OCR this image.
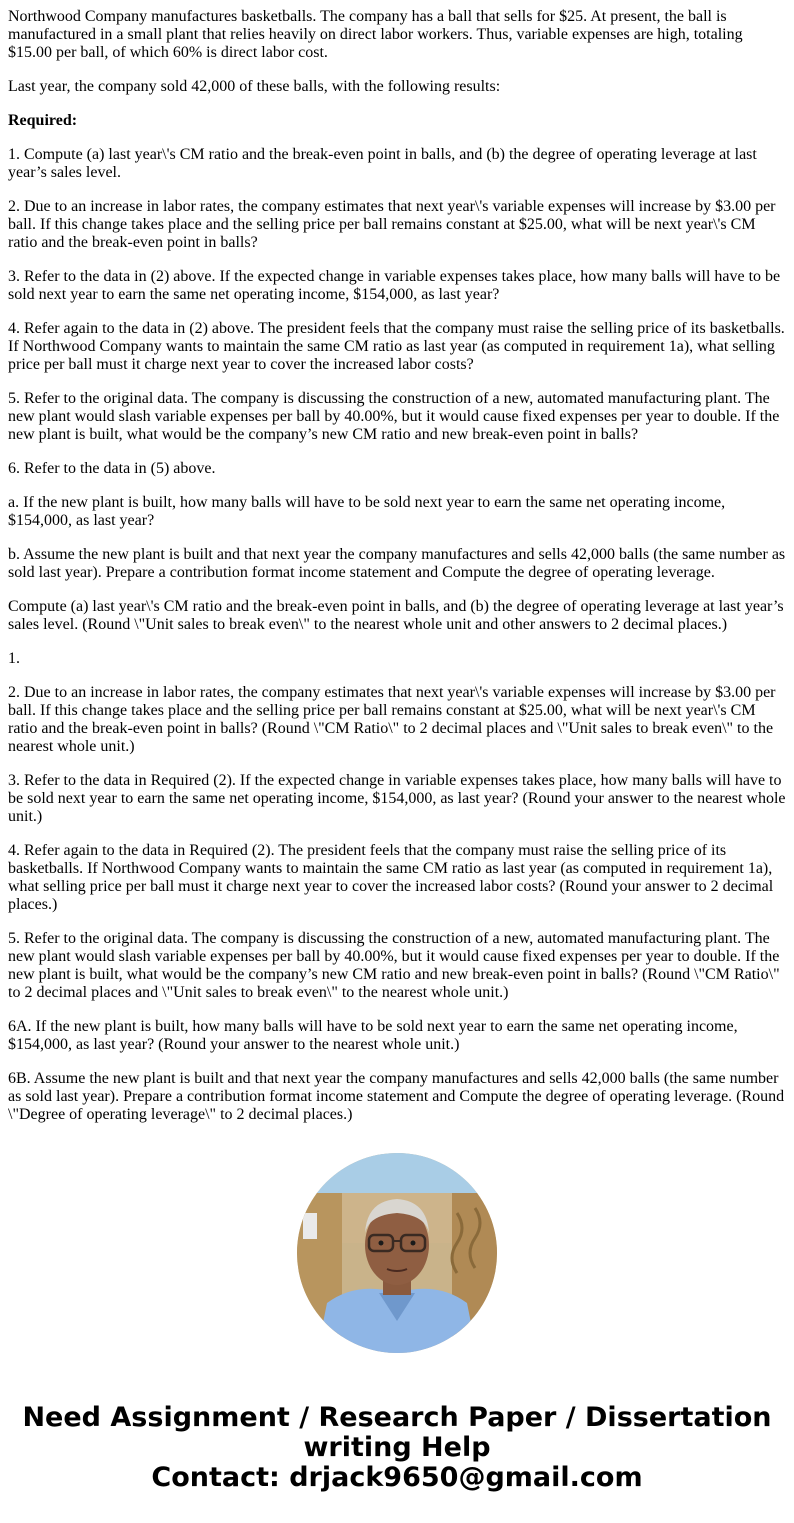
Northwood Company manufactures basketballs. The company has a ball that sells for $25. At present, the ball is manufactured in a small plant that relies heavily on direct labor workers. Thus, variable expenses are high, totaling $15.00 per ball, of which 60% is direct labor cost.

Last year, the company sold 42,000 of these balls, with the following results:

Required:

1. Compute (a) last year\'s CM ratio and the break-even point in balls, and (b) the degree of operating leverage at last year’s sales level.

2. Due to an increase in labor rates, the company estimates that next year\'s variable expenses will increase by $3.00 per ball. If this change takes place and the selling price per ball remains constant at $25.00, what will be next year\'s CM ratio and the break-even point in balls?

3. Refer to the data in (2) above. If the expected change in variable expenses takes place, how many balls will have to be sold next year to earn the same net operating income, $154,000, as last year?

4. Refer again to the data in (2) above. The president feels that the company must raise the selling price of its basketballs. If Northwood Company wants to maintain the same CM ratio as last year (as computed in requirement 1a), what selling price per ball must it charge next year to cover the increased labor costs?

5. Refer to the original data. The company is discussing the construction of a new, automated manufacturing plant. The new plant would slash variable expenses per ball by 40.00%, but it would cause fixed expenses per year to double. If the new plant is built, what would be the company’s new CM ratio and new break-even point in balls?

6. Refer to the data in (5) above.

a. If the new plant is built, how many balls will have to be sold next year to earn the same net operating income, $154,000, as last year?

b. Assume the new plant is built and that next year the company manufactures and sells 42,000 balls (the same number as sold last year). Prepare a contribution format income statement and Compute the degree of operating leverage.

Compute (a) last year\'s CM ratio and the break-even point in balls, and (b) the degree of operating leverage at last year’s sales level. (Round \"Unit sales to break even\" to the nearest whole unit and other answers to 2 decimal places.)

1.

2. Due to an increase in labor rates, the company estimates that next year\'s variable expenses will increase by $3.00 per ball. If this change takes place and the selling price per ball remains constant at $25.00, what will be next year\'s CM ratio and the break-even point in balls? (Round \"CM Ratio\" to 2 decimal places and \"Unit sales to break even\" to the nearest whole unit.)

3. Refer to the data in Required (2). If the expected change in variable expenses takes place, how many balls will have to be sold next year to earn the same net operating income, $154,000, as last year? (Round your answer to the nearest whole unit.)

4. Refer again to the data in Required (2). The president feels that the company must raise the selling price of its basketballs. If Northwood Company wants to maintain the same CM ratio as last year (as computed in requirement 1a), what selling price per ball must it charge next year to cover the increased labor costs? (Round your answer to 2 decimal places.)

5. Refer to the original data. The company is discussing the construction of a new, automated manufacturing plant. The new plant would slash variable expenses per ball by 40.00%, but it would cause fixed expenses per year to double. If the new plant is built, what would be the company’s new CM ratio and new break-even point in balls? (Round \"CM Ratio\" to 2 decimal places and \"Unit sales to break even\" to the nearest whole unit.)

6A. If the new plant is built, how many balls will have to be sold next year to earn the same net operating income, $154,000, as last year? (Round your answer to the nearest whole unit.)

6B. Assume the new plant is built and that next year the company manufactures and sells 42,000 balls (the same number as sold last year). Prepare a contribution format income statement and Compute the degree of operating leverage. (Round \"Degree of operating leverage\" to 2 decimal places.)

Need Assignment / Research Paper / Dissertation
writing Help
Contact: drjack9650@gmail.com
